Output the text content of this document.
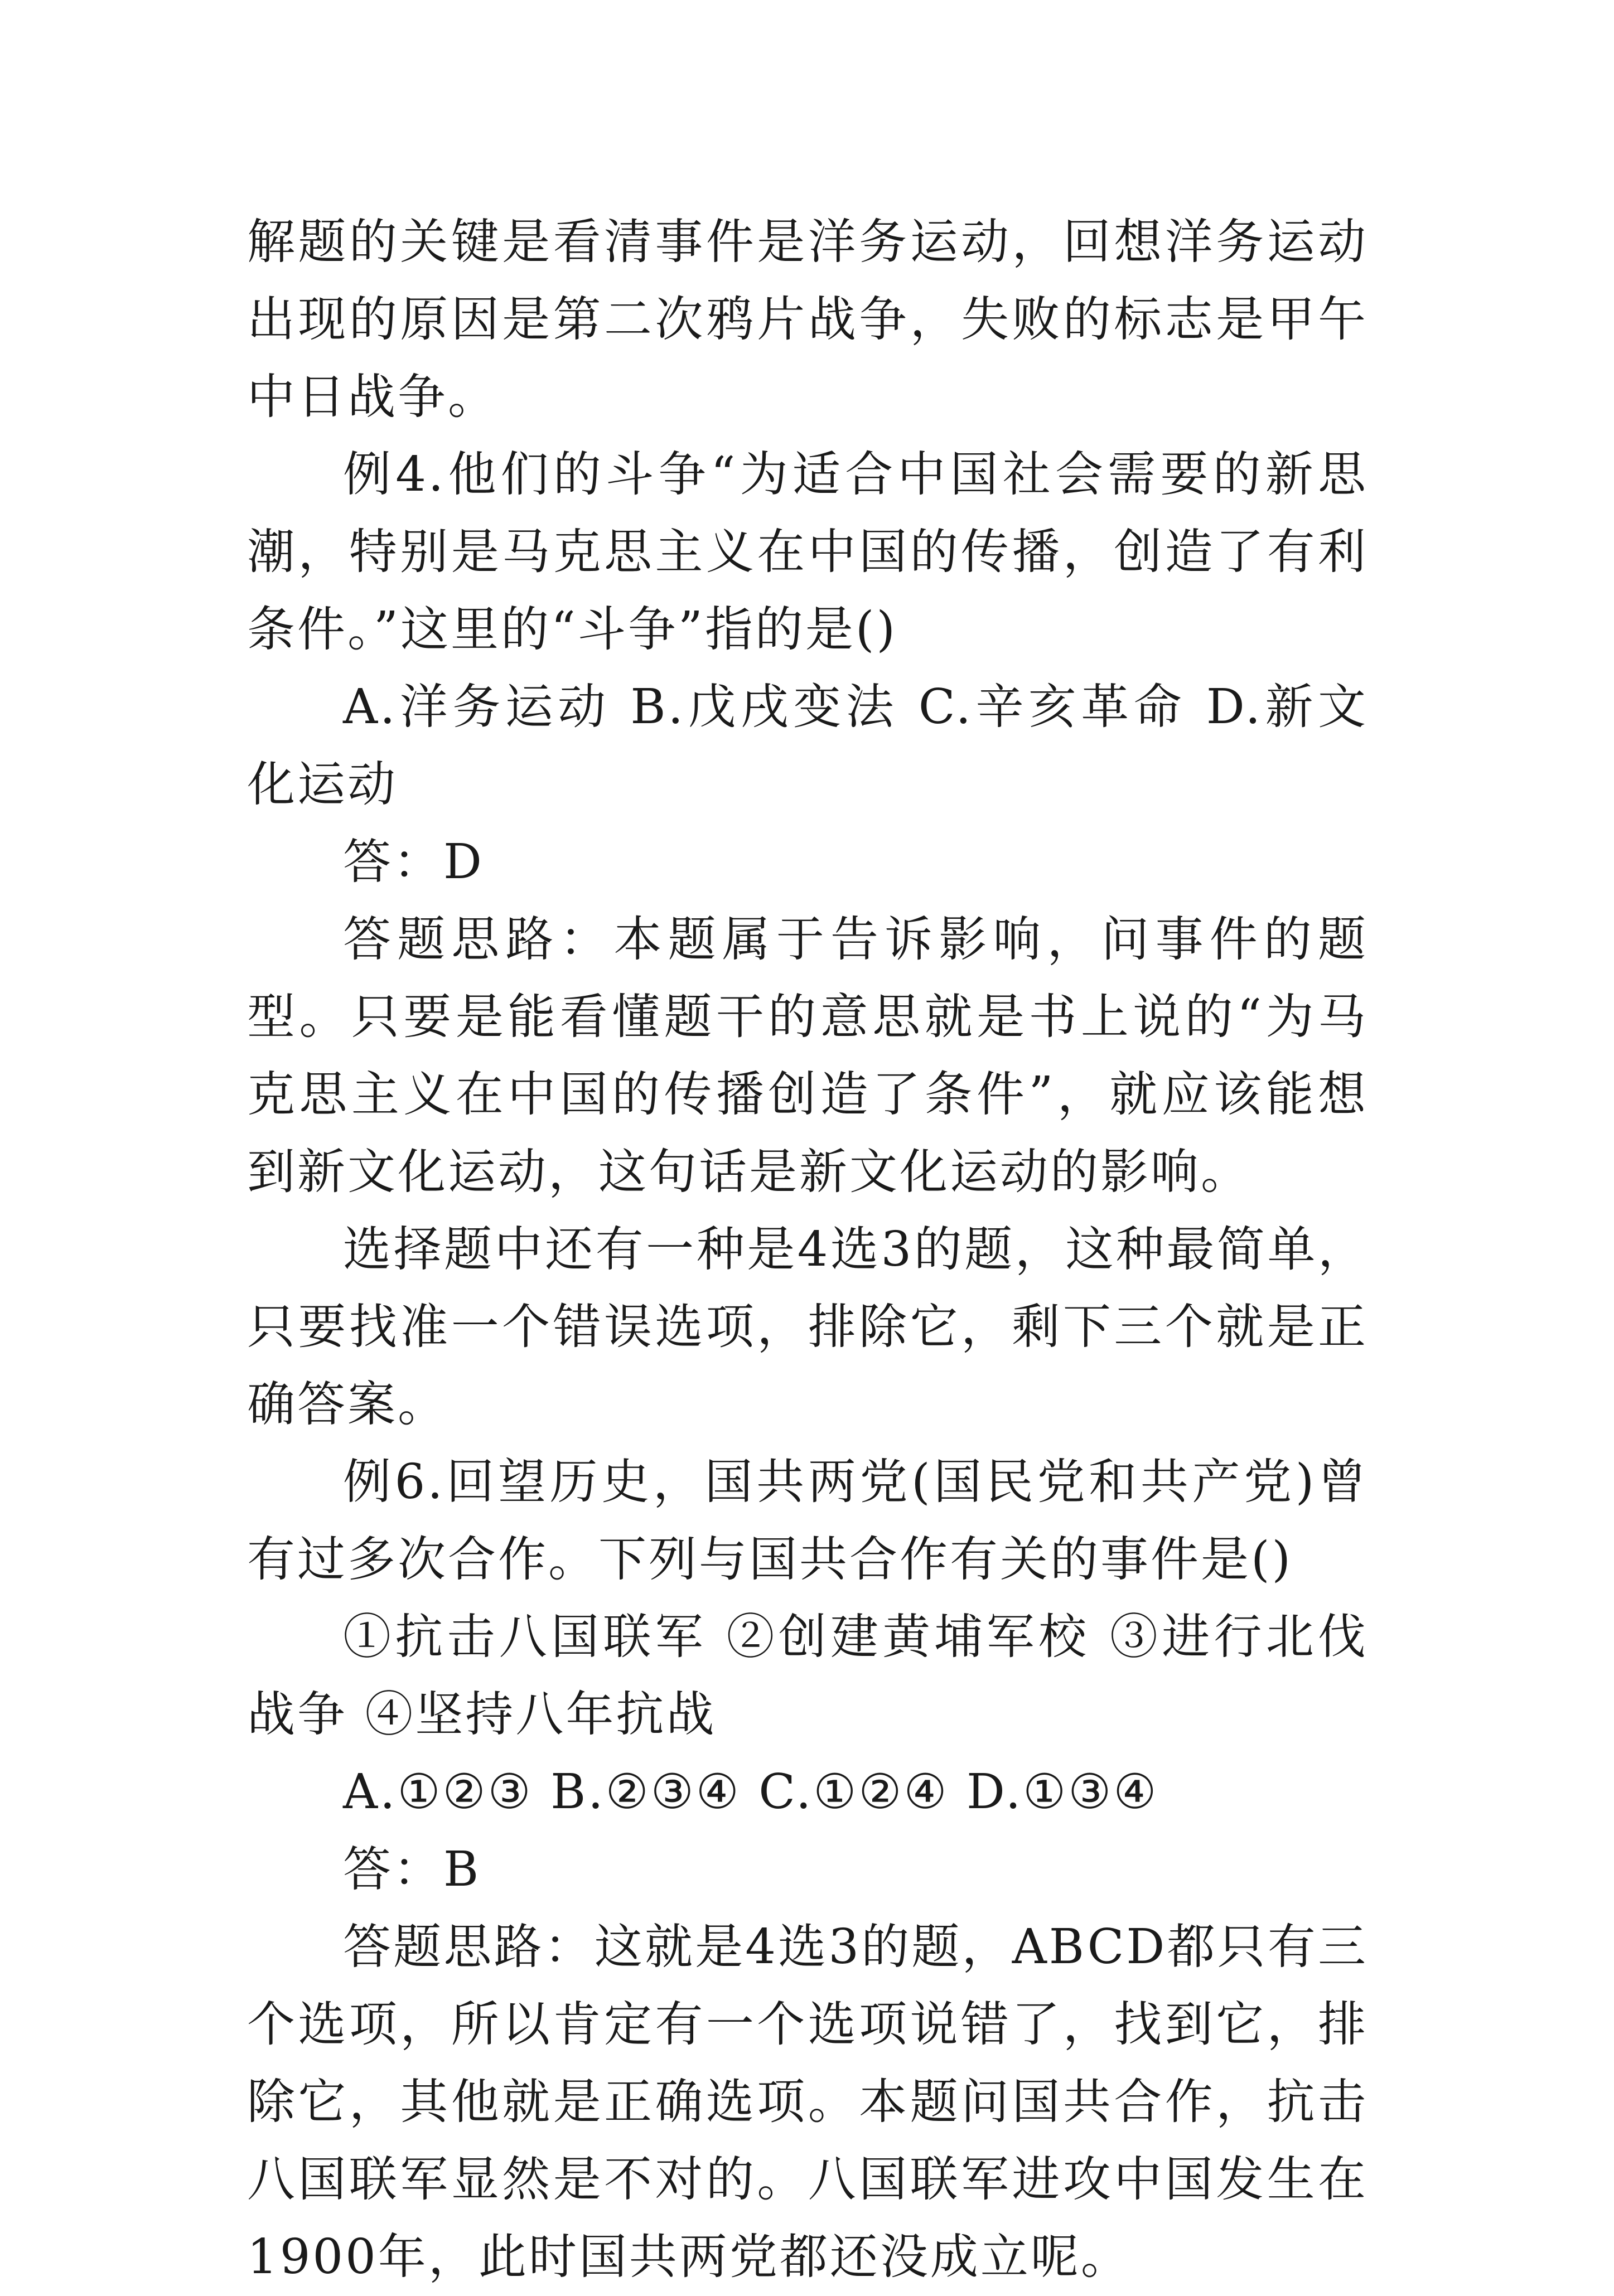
解题的关键是看清事件是洋务运动，回想洋务运动出现的原因是第二次鸦片战争，失败的标志是甲午中日战争。

例4.他们的斗争“为适合中国社会需要的新思潮，特别是马克思主义在中国的传播，创造了有利条件。”这里的“斗争”指的是()

A.洋务运动 B.戊戌变法 C.辛亥革命 D.新文化运动

答：D

答题思路：本题属于告诉影响，问事件的题型。只要是能看懂题干的意思就是书上说的“为马克思主义在中国的传播创造了条件”，就应该能想到新文化运动，这句话是新文化运动的影响。

选择题中还有一种是4选3的题，这种最简单，只要找准一个错误选项，排除它，剩下三个就是正确答案。

例6.回望历史，国共两党(国民党和共产党)曾有过多次合作。下列与国共合作有关的事件是()

①抗击八国联军 ②创建黄埔军校 ③进行北伐战争 ④坚持八年抗战

A.①②③ B.②③④ C.①②④ D.①③④

答：B

答题思路：这就是4选3的题，ABCD都只有三个选项，所以肯定有一个选项说错了，找到它，排除它，其他就是正确选项。本题问国共合作，抗击八国联军显然是不对的。八国联军进攻中国发生在1900年，此时国共两党都还没成立呢。
